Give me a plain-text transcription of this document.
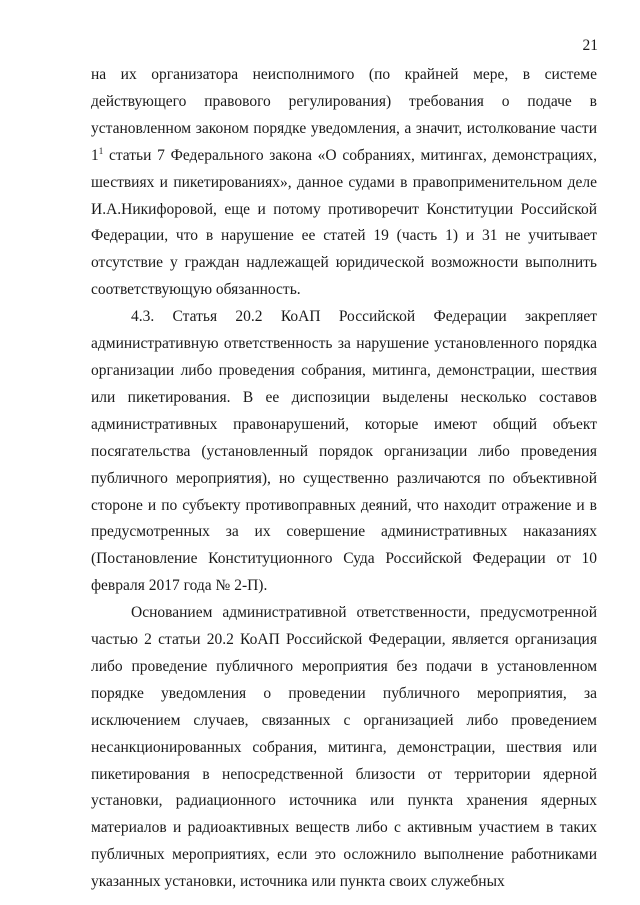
21

на их организатора неисполнимого (по крайней мере, в системе действующего правового регулирования) требования о подаче в установленном законом порядке уведомления, а значит, истолкование части $1^1$ статьи 7 Федерального закона «О собраниях, митингах, демонстрациях, шествиях и пикетированиях», данное судами в правоприменительном деле И.А.Никифоровой, еще и потому противоречит Конституции Российской Федерации, что в нарушение ее статей 19 (часть 1) и 31 не учитывает отсутствие у граждан надлежащей юридической возможности выполнить соответствующую обязанность.

4.3. Статья 20.2 КоАП Российской Федерации закрепляет административную ответственность за нарушение установленного порядка организации либо проведения собрания, митинга, демонстрации, шествия или пикетирования. В ее диспозиции выделены несколько составов административных правонарушений, которые имеют общий объект посягательства (установленный порядок организации либо проведения публичного мероприятия), но существенно различаются по объективной стороне и по субъекту противоправных деяний, что находит отражение и в предусмотренных за их совершение административных наказаниях (Постановление Конституционного Суда Российской Федерации от 10 февраля 2017 года № 2-П).

Основанием административной ответственности, предусмотренной частью 2 статьи 20.2 КоАП Российской Федерации, является организация либо проведение публичного мероприятия без подачи в установленном порядке уведомления о проведении публичного мероприятия, за исключением случаев, связанных с организацией либо проведением несанкционированных собрания, митинга, демонстрации, шествия или пикетирования в непосредственной близости от территории ядерной установки, радиационного источника или пункта хранения ядерных материалов и радиоактивных веществ либо с активным участием в таких публичных мероприятиях, если это осложнило выполнение работниками указанных установки, источника или пункта своих служебных
